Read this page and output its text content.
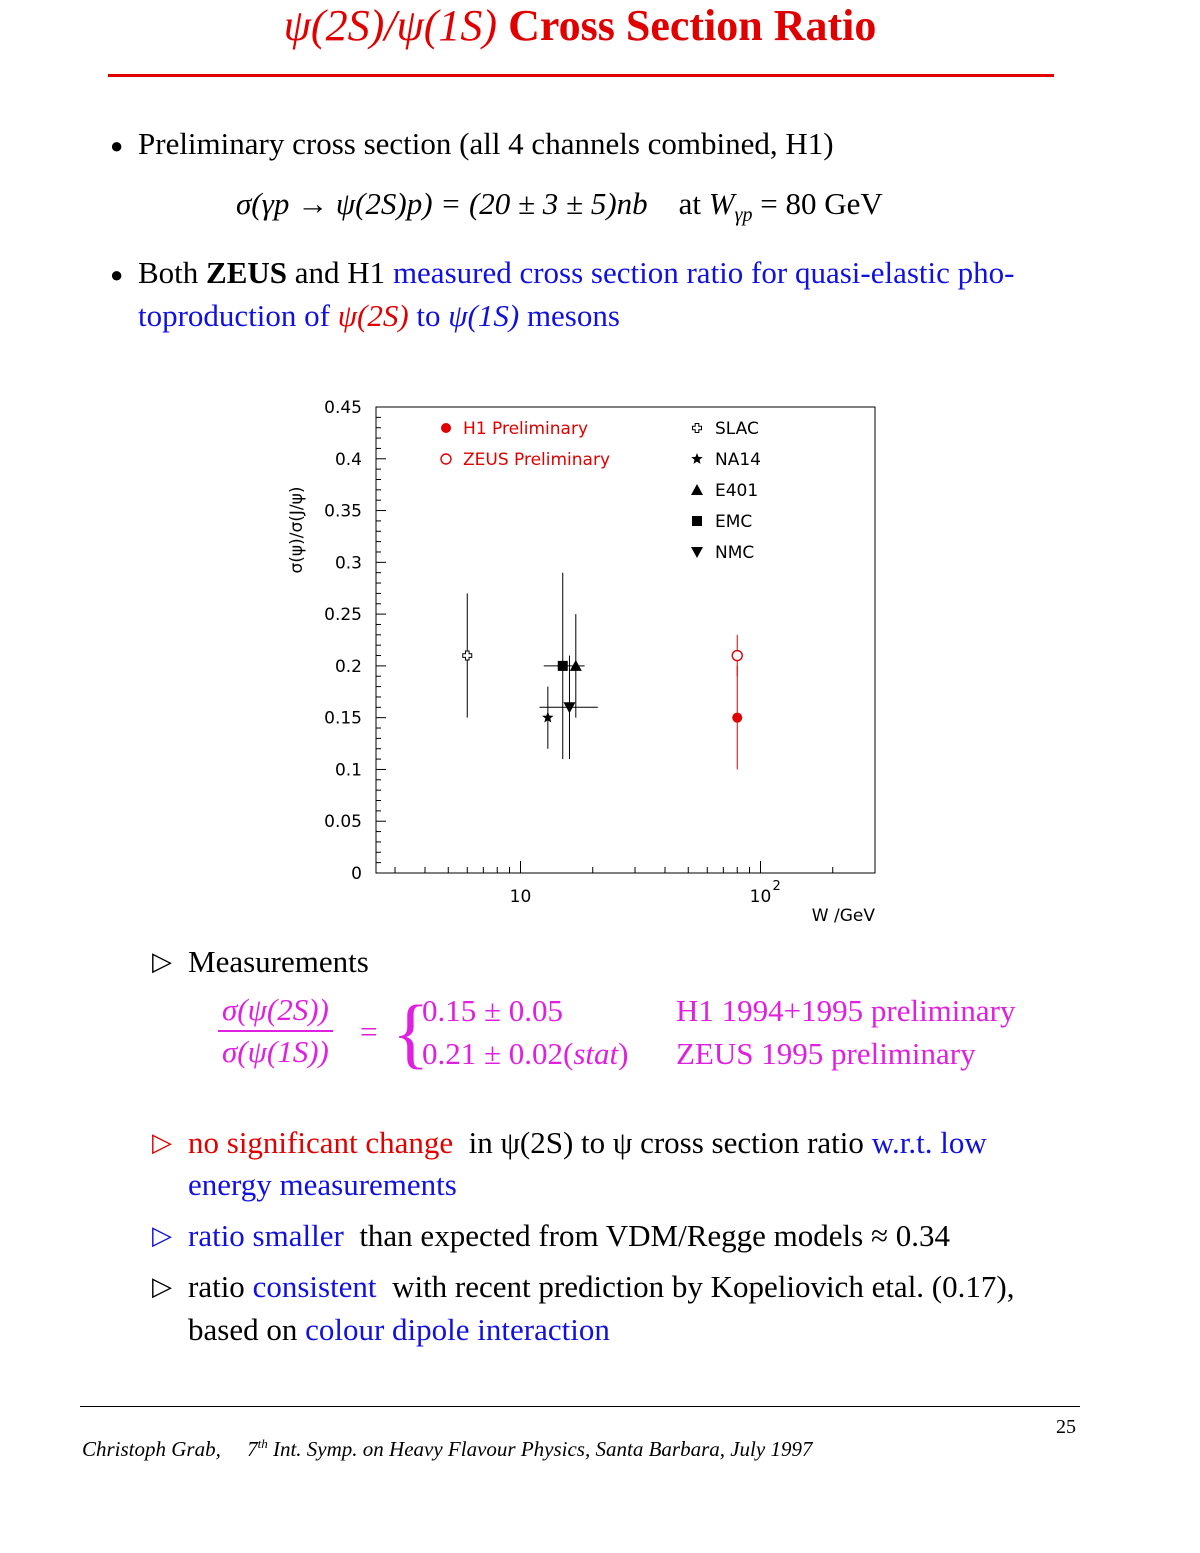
ψ(2S)/ψ(1S) Cross Section Ratio
● Preliminary cross section (all 4 channels combined, H1)
σ(γp → ψ(2S)p) = (20 ± 3 ± 5)nb at $W_{\gamma p} = 80$ GeV
● Both ZEUS and H1 measured cross section ratio for quasi-elastic pho-
toproduction of ψ(2S) to ψ(1S) mesons
0
0.05
0.1
0.15
0.2
0.25
0.3
0.35
0.4
0.45
10	10
2
H1 Preliminary
ZEUS Preliminary
SLAC
NA14
E401
EMC
NMC
σ(ψ)/σ(J/ψ)
W /GeV
▷ Measurements
$\frac{\sigma(\psi(2S))}{\sigma(\psi(1S))}$ = {
0.15 ± 0.05	H1 1994+1995 preliminary
0.21 ± 0.02(stat) ZEUS 1995 preliminary
▷ no significant change in ψ(2S) to ψ cross section ratio w.r.t. low
energy measurements
▷ ratio smaller than expected from VDM/Regge models ≈ 0.34
▷ ratio consistent with recent prediction by Kopeliovich etal. (0.17),
based on colour dipole interaction
25
Christoph Grab, 7th Int. Symp. on Heavy Flavour Physics, Santa Barbara, July 1997
